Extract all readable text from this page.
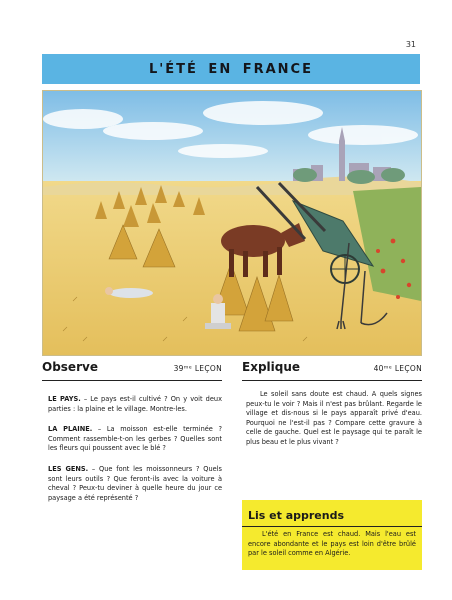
31
L'ÉTÉ EN FRANCE
Observe	39ᵐᵉ LEÇON

LE PAYS. – Le pays est-il cultivé ? On y voit deux parties : la plaine et le village. Montre-les.

LA PLAINE. – La moisson est-elle terminée ? Comment rassemble-t-on les gerbes ? Quelles sont les fleurs qui poussent avec le blé ?

LES GENS. – Que font les moissonneurs ? Quels sont leurs outils ? Que feront-ils avec la voiture à cheval ? Peux-tu deviner à quelle heure du jour ce paysage a été représenté ?

Explique	40ᵐᵉ LEÇON

Le soleil sans doute est chaud. A quels signes peux-tu le voir ? Mais il n'est pas brûlant. Regarde le village et dis-nous si le pays apparaît privé d'eau. Pourquoi ne l'est-il pas ? Compare cette gravure à celle de gauche. Quel est le paysage qui te paraît le plus beau et le plus vivant ?

Lis et apprends

L'été en France est chaud. Mais l'eau est encore abondante et le pays est loin d'être brûlé par le soleil comme en Algérie.
